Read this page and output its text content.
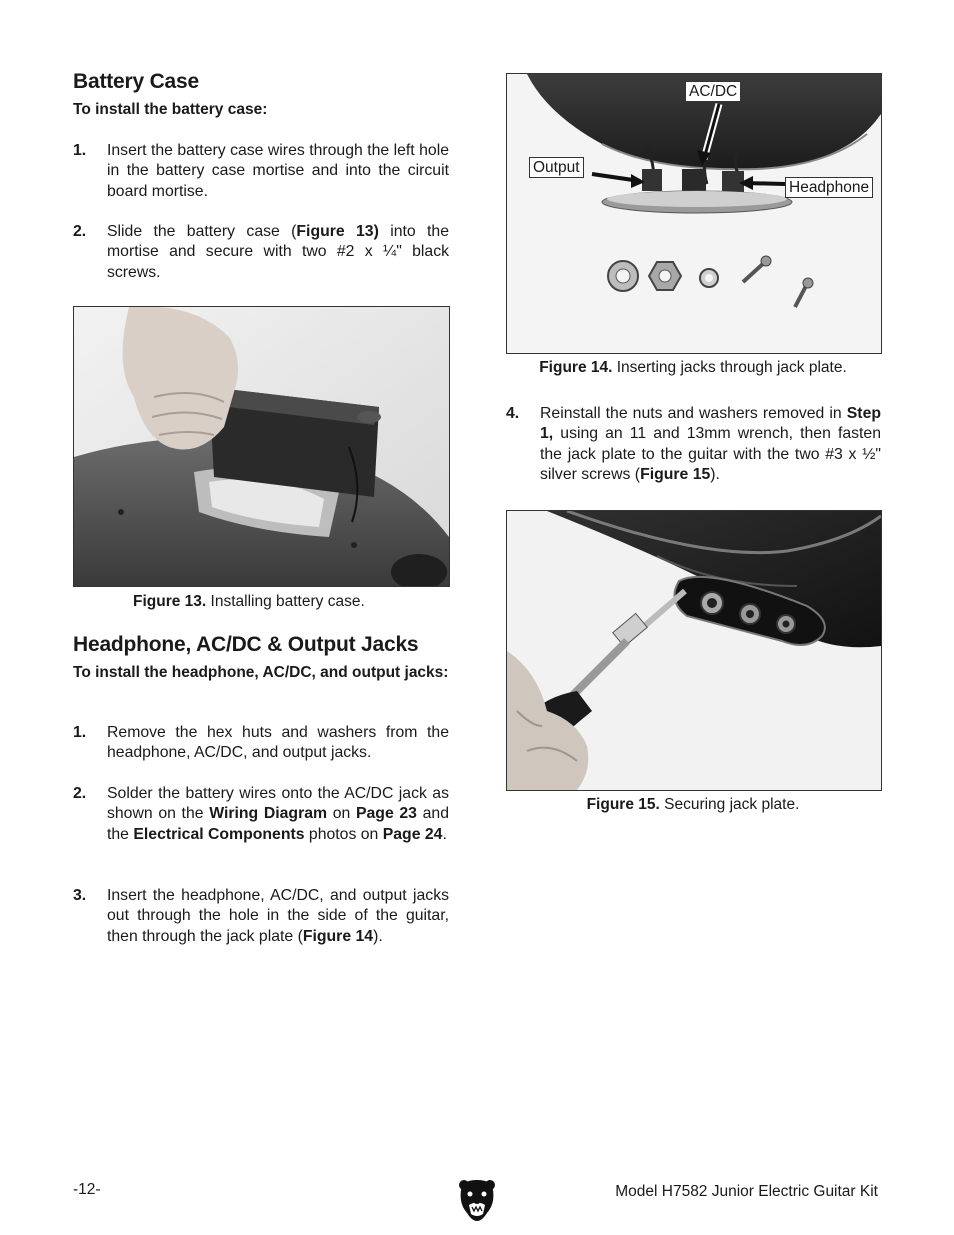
Battery Case
To install the battery case:
1. Insert the battery case wires through the left hole in the battery case mortise and into the circuit board mortise.
2. Slide the battery case (Figure 13) into the mortise and secure with two #2 x ¼" black screws.
Figure 13. Installing battery case.
Headphone, AC/DC & Output Jacks
To install the headphone, AC/DC, and output jacks:
1. Remove the hex huts and washers from the headphone, AC/DC, and output jacks.
2. Solder the battery wires onto the AC/DC jack as shown on the Wiring Diagram on Page 23 and the Electrical Components photos on Page 24.
3. Insert the headphone, AC/DC, and output jacks out through the hole in the side of the guitar, then through the jack plate (Figure 14).
AC/DC
Output
Headphone
Figure 14. Inserting jacks through jack plate.
4. Reinstall the nuts and washers removed in Step 1, using an 11 and 13mm wrench, then fasten the jack plate to the guitar with the two #3 x ½" silver screws (Figure 15).
Figure 15. Securing jack plate.
-12-	Model H7582 Junior Electric Guitar Kit
